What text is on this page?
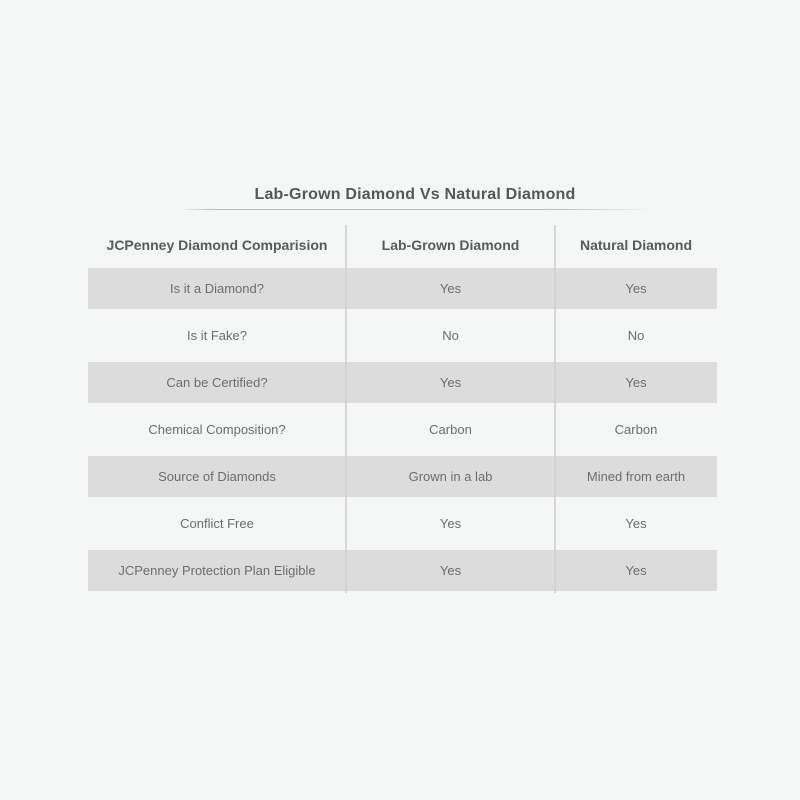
Lab-Grown Diamond Vs Natural Diamond
JCPenney Diamond Comparision	Lab-Grown Diamond	Natural Diamond
Is it a Diamond?	Yes	Yes
Is it Fake?	No	No
Can be Certified?	Yes	Yes
Chemical Composition?	Carbon	Carbon
Source of Diamonds	Grown in a lab	Mined from earth
Conflict Free	Yes	Yes
JCPenney Protection Plan Eligible	Yes	Yes
